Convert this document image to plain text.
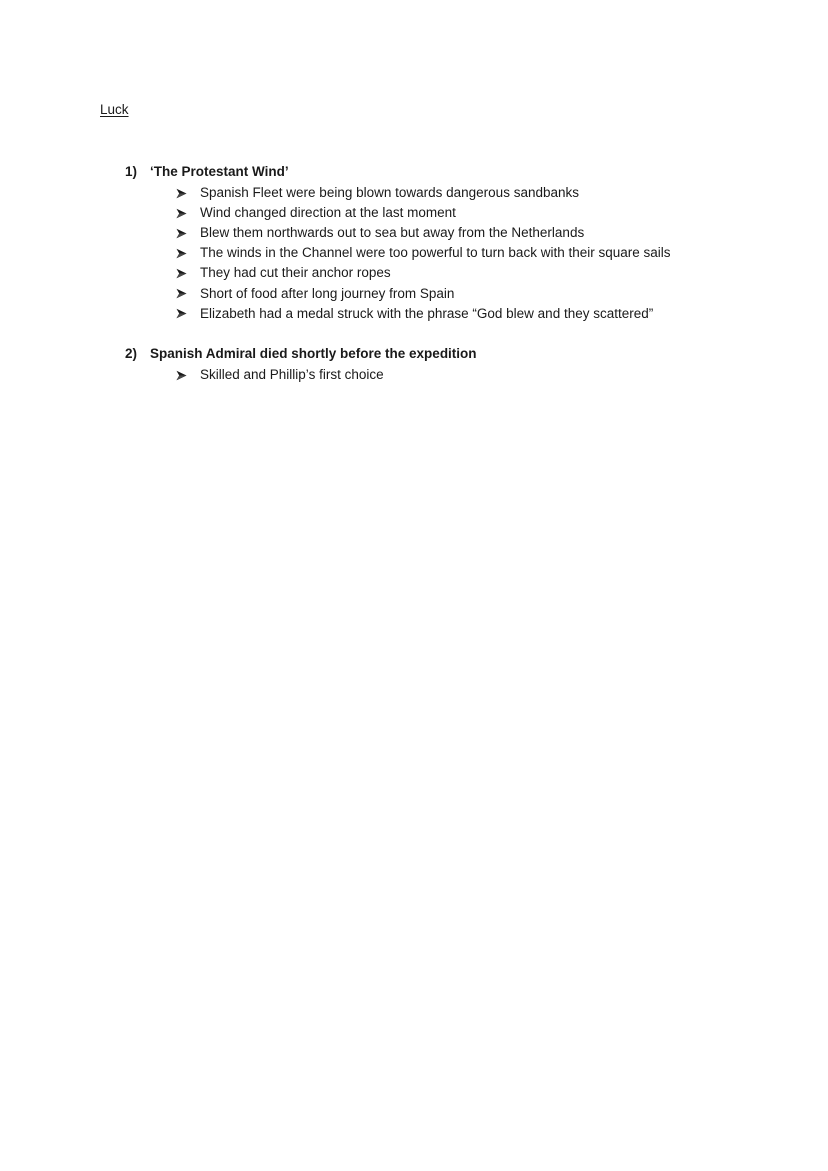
Luck
1) ‘The Protestant Wind’
Spanish Fleet were being blown towards dangerous sandbanks
Wind changed direction at the last moment
Blew them northwards out to sea but away from the Netherlands
The winds in the Channel were too powerful to turn back with their square sails
They had cut their anchor ropes
Short of food after long journey from Spain
Elizabeth had a medal struck with the phrase “God blew and they scattered”
2) Spanish Admiral died shortly before the expedition
Skilled and Phillip’s first choice
